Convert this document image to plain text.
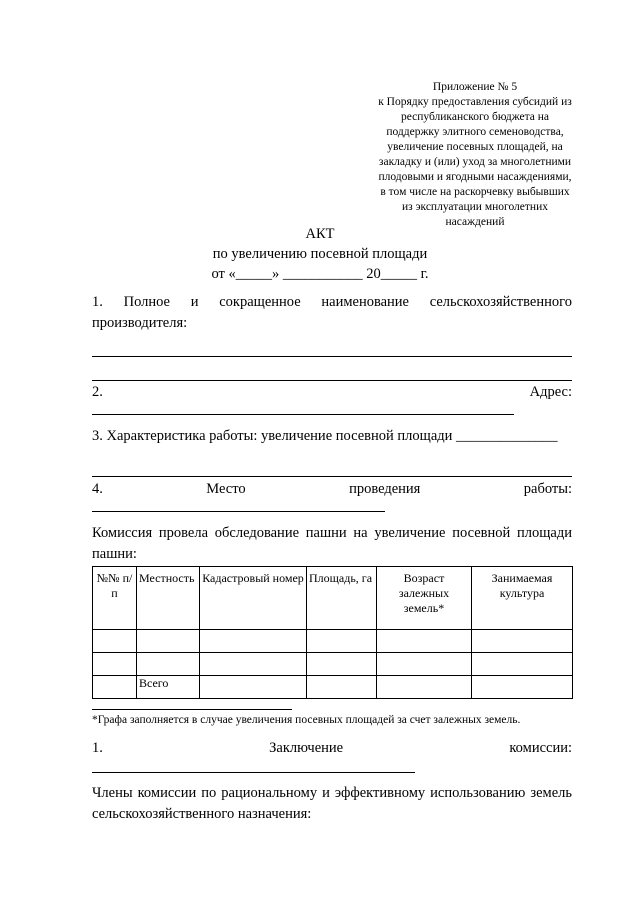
Приложение № 5
к Порядку предоставления субсидий из
республиканского бюджета на
поддержку элитного семеноводства,
увеличение посевных площадей, на
закладку и (или) уход за многолетними
плодовыми и ягодными насаждениями,
в том числе на раскорчевку выбывших
из эксплуатации многолетних
насаждений
АКТ
по увеличению посевной площади
от «_____» ___________ 20_____ г.
1. Полное и сокращенное наименование сельскохозяйственного
производителя:
2.	Адрес:
3. Характеристика работы: увеличение посевной площади ______________
4.	Место	проведения	работы:
Комиссия провела обследование пашни на увеличение посевной площади пашни:
№№ п/п	Местность	Кадастровый номер	Площадь, га	Возраст залежных земель*	Занимаемая культура

	Всего				
*Графа заполняется в случае увеличения посевных площадей за счет залежных земель.
1.	Заключение	комиссии:
Члены комиссии по рациональному и эффективному использованию земель сельскохозяйственного назначения:
